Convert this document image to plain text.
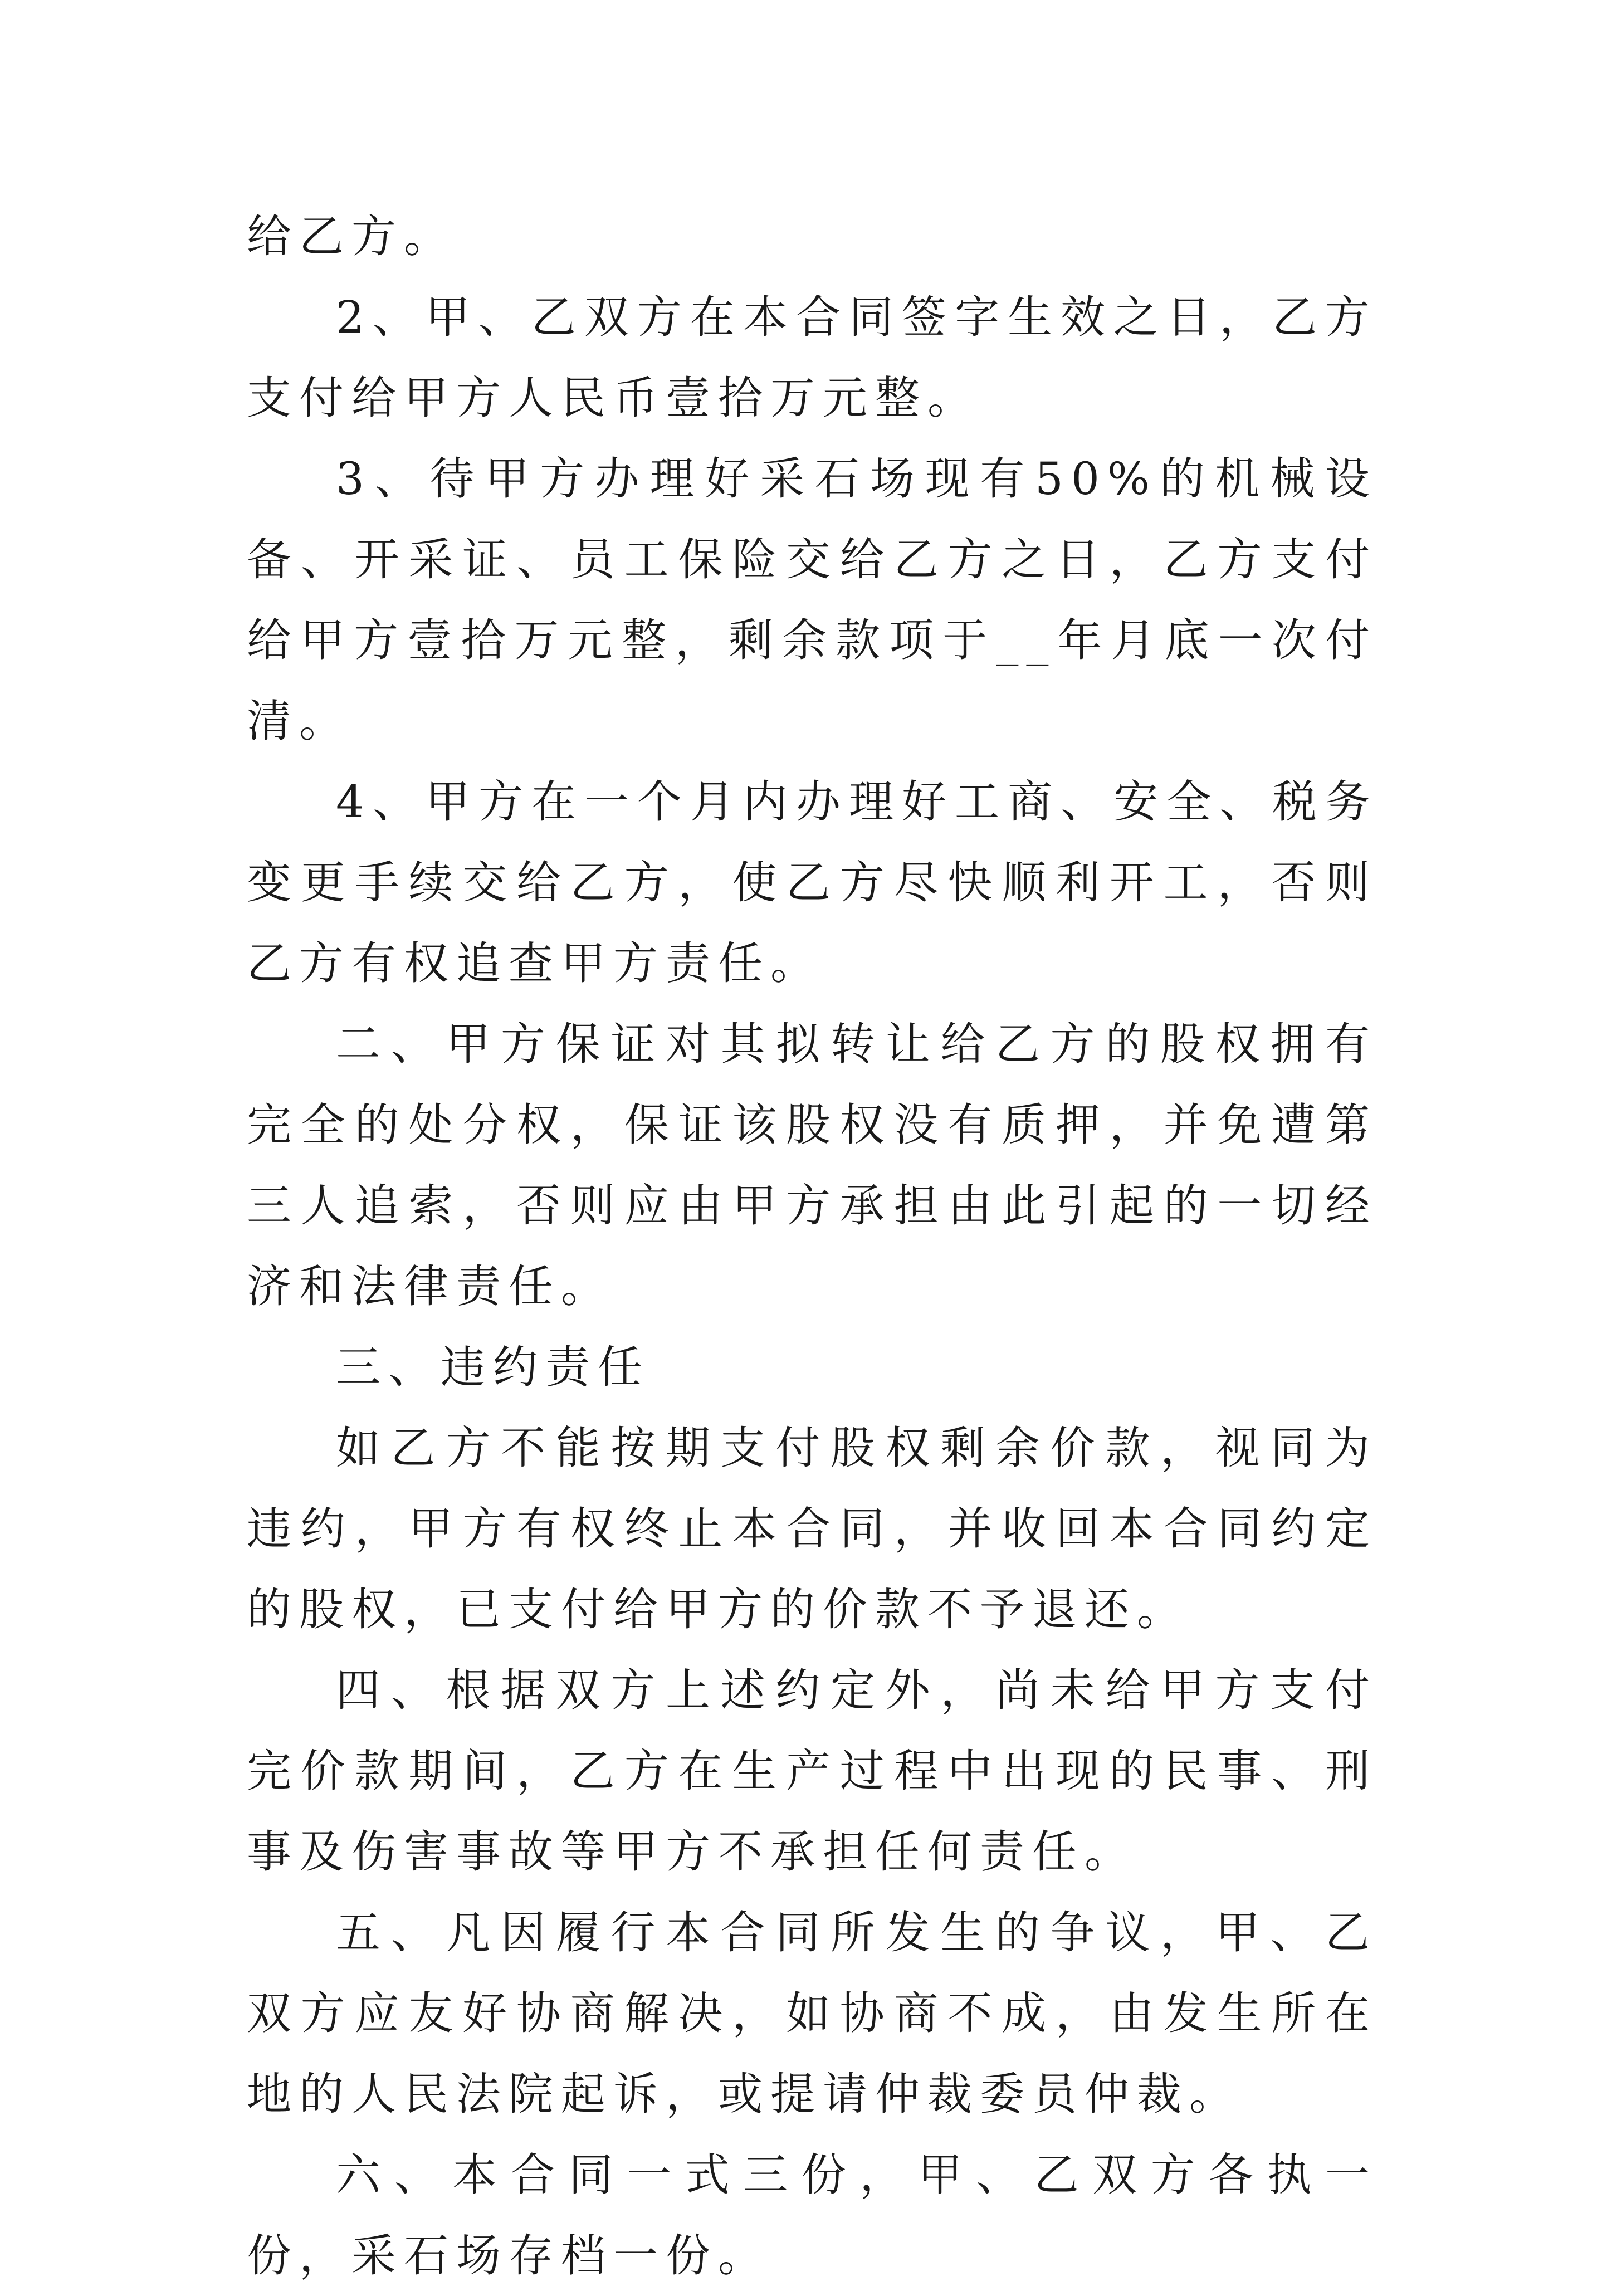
给乙方。

2、甲、乙双方在本合同签字生效之日，乙方支付给甲方人民币壹拾万元整。

3、待甲方办理好采石场现有50%的机械设备、开采证、员工保险交给乙方之日，乙方支付给甲方壹拾万元整，剩余款项于__年月底一次付清。

4、甲方在一个月内办理好工商、安全、税务变更手续交给乙方，使乙方尽快顺利开工，否则乙方有权追查甲方责任。

二、甲方保证对其拟转让给乙方的股权拥有完全的处分权，保证该股权没有质押，并免遭第三人追索，否则应由甲方承担由此引起的一切经济和法律责任。

三、违约责任

如乙方不能按期支付股权剩余价款，视同为违约，甲方有权终止本合同，并收回本合同约定的股权，已支付给甲方的价款不予退还。

四、根据双方上述约定外，尚未给甲方支付完价款期间，乙方在生产过程中出现的民事、刑事及伤害事故等甲方不承担任何责任。

五、凡因履行本合同所发生的争议，甲、乙双方应友好协商解决，如协商不成，由发生所在地的人民法院起诉，或提请仲裁委员仲裁。

六、本合同一式三份，甲、乙双方各执一份，采石场存档一份。
